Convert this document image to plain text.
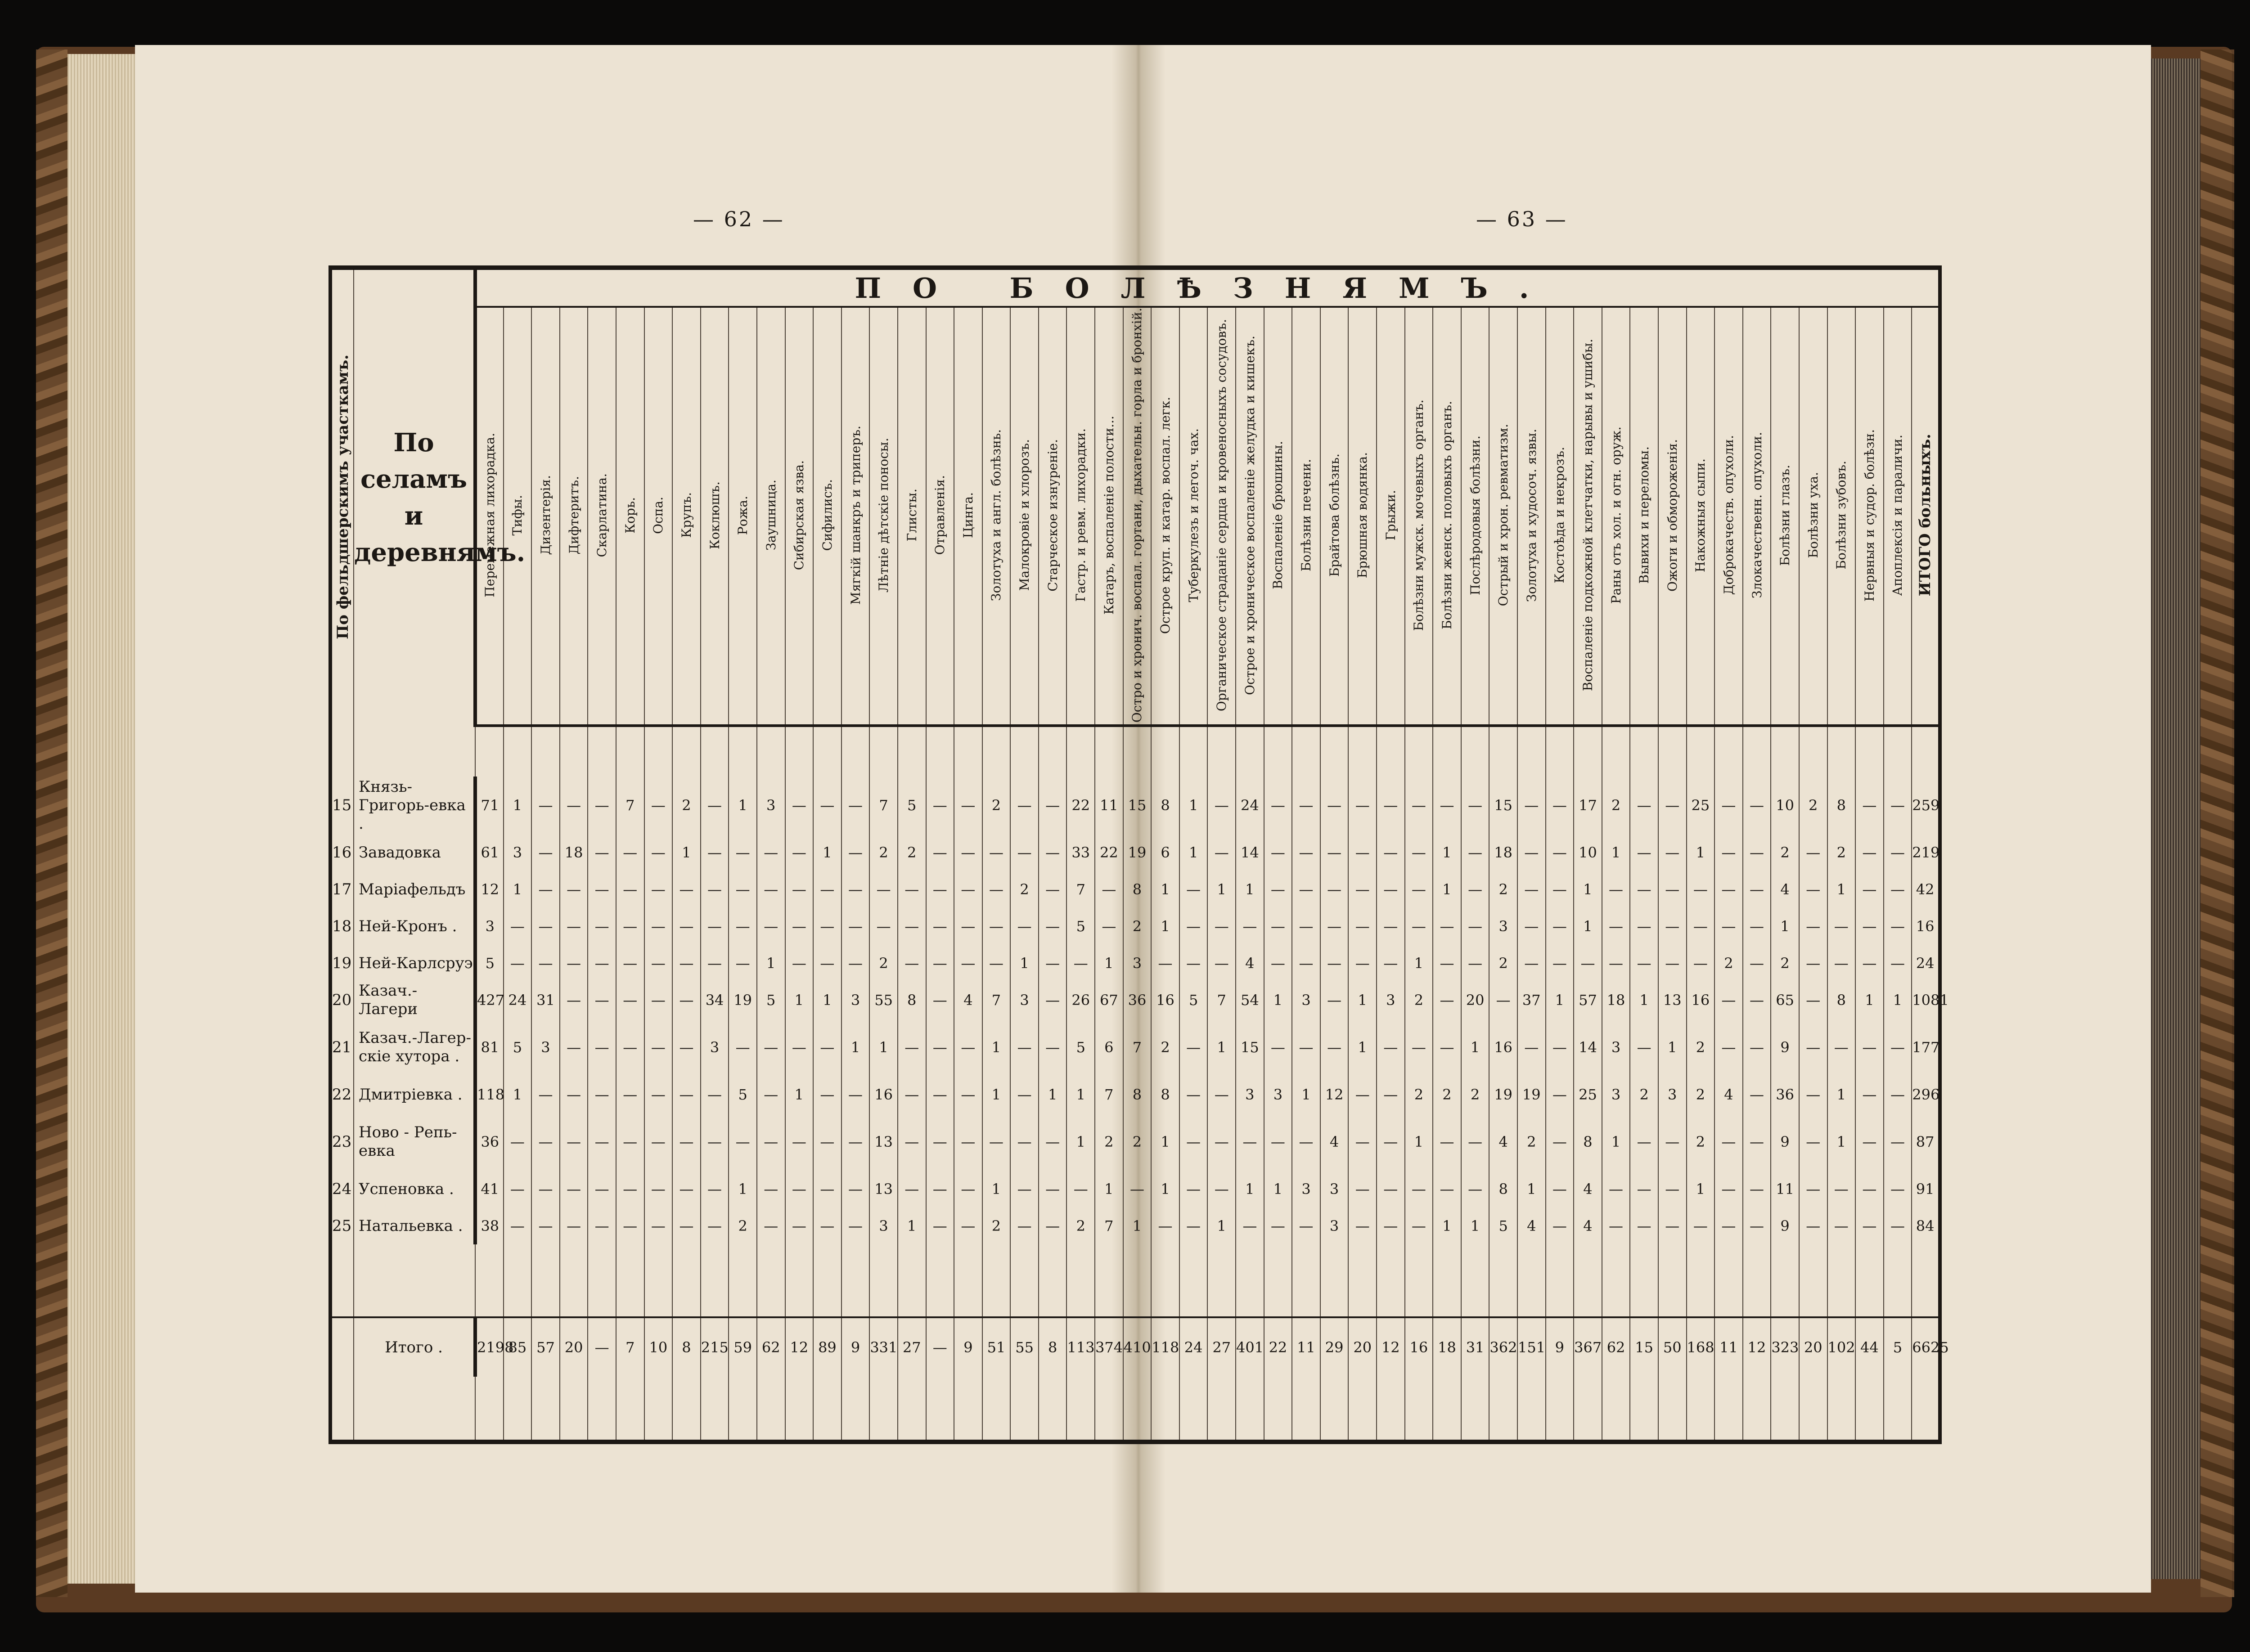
— 62 —	— 63 —
По фельдшерскимъ участкамъ.	По селамъ
и
деревнямъ.	ПО БОЛѢЗНЯМЪ.																																																			
		Перемежная лихорадка.	Тифы.	Дизентерія.	Дифтеритъ.	Скарлатина.	Корь.	Оспа.	Крупъ.	Коклюшъ.	Рожа.	Заушница.	Сибирская язва.	Сифилисъ.	Мягкій шанкръ и триперъ.	Лѣтніе дѣтскіе поносы.	Глисты.	Отравленія.	Цинга.	Золотуха и англ. болѣзнь.	Малокровіе и хлорозъ.	Старческое изнуреніе.	Гастр. и ревм. лихорадки.	Катаръ, воспаленіе полости...	Остро и хронич. воспал. гортани, дыхательн. горла и бронхій.	Острое круп. и катар. воспал. легк.	Туберкулезъ и легоч. чах.	Органическое страданіе сердца и кровеносныхъ сосудовъ.	Острое и хроническое воспаленіе желудка и кишекъ.	Воспаленіе брюшины.	Болѣзни печени.	Брайтова болѣзнь.	Брюшная водянка.	Грыжи.	Болѣзни мужск. мочевыхъ органъ.	Болѣзни женск. половыхъ органъ.	Послѣродовыя болѣзни.	Острый и хрон. ревматизм.	Золотуха и худосоч. язвы.	Костоѣда и некрозъ.	Воспаленіе подкожной клетчатки, нарывы и ушибы.	Раны отъ хол. и огн. оруж.	Вывихи и переломы.	Ожоги и обмороженія.	Накожныя сыпи.	Доброкачеств. опухоли.	Злокачественн. опухоли.	Болѣзни глазъ.	Болѣзни уха.	Болѣзни зубовъ.	Нервныя и судор. болѣзн.	Апоплексія и параличи.	ИТОГО больныхъ.

15	Князь-Григорь-евка .	71	1	—	—	—	7	—	2	—	1	3	—	—	—	7	5	—	—	2	—	—	22	11	15	8	1	—	24	—	—	—	—	—	—	—	—	15	—	—	17	2	—	—	25	—	—	10	2	8	—	—	259
16	Завадовка	61	3	—	18	—	—	—	1	—	—	—	—	1	—	2	2	—	—	—	—	—	33	22	19	6	1	—	14	—	—	—	—	—	—	1	—	18	—	—	10	1	—	—	1	—	—	2	—	2	—	—	219
17	Маріафельдъ	12	1	—	—	—	—	—	—	—	—	—	—	—	—	—	—	—	—	—	2	—	7	—	8	1	—	1	1	—	—	—	—	—	—	1	—	2	—	—	1	—	—	—	—	—	—	4	—	1	—	—	42
18	Ней-Кронъ .	3	—	—	—	—	—	—	—	—	—	—	—	—	—	—	—	—	—	—	—	—	5	—	2	1	—	—	—	—	—	—	—	—	—	—	—	3	—	—	1	—	—	—	—	—	—	1	—	—	—	—	16
19	Ней-Карлсруэ	5	—	—	—	—	—	—	—	—	—	1	—	—	—	2	—	—	—	—	1	—	—	1	3	—	—	—	4	—	—	—	—	—	1	—	—	2	—	—	—	—	—	—	—	2	—	2	—	—	—	—	24
20	Казач.-Лагери	427	24	31	—	—	—	—	—	34	19	5	1	1	3	55	8	—	4	7	3	—	26	67	36	16	5	7	54	1	3	—	1	3	2	—	20	—	37	1	57	18	1	13	16	—	—	65	—	8	1	1	1081
21	Казач.-Лагер-скіе хутора .	81	5	3	—	—	—	—	—	3	—	—	—	—	1	1	—	—	—	1	—	—	5	6	7	2	—	1	15	—	—	—	1	—	—	—	1	16	—	—	14	3	—	1	2	—	—	9	—	—	—	—	177
22	Дмитріевка .	118	1	—	—	—	—	—	—	—	5	—	1	—	—	16	—	—	—	1	—	1	1	7	8	8	—	—	3	3	1	12	—	—	2	2	2	19	19	—	25	3	2	3	2	4	—	36	—	1	—	—	296
23	Ново - Репь-евка	36	—	—	—	—	—	—	—	—	—	—	—	—	—	13	—	—	—	—	—	—	1	2	2	1	—	—	—	—	—	4	—	—	1	—	—	4	2	—	8	1	—	—	2	—	—	9	—	1	—	—	87
24	Успеновка .	41	—	—	—	—	—	—	—	—	1	—	—	—	—	13	—	—	—	1	—	—	—	1	—	1	—	—	1	1	3	3	—	—	—	—	—	8	1	—	4	—	—	—	1	—	—	11	—	—	—	—	91
25	Натальевка .	38	—	—	—	—	—	—	—	—	2	—	—	—	—	3	1	—	—	2	—	—	2	7	1	—	—	1	—	—	—	3	—	—	—	1	1	5	4	—	4	—	—	—	—	—	—	9	—	—	—	—	84

	Итого .	2198	85	57	20	—	7	10	8	215	59	62	12	89	9	331	27	—	9	51	55	8	113	374	410	118	24	27	401	22	11	29	20	12	16	18	31	362	151	9	367	62	15	50	168	11	12	323	20	102	44	5	6625
